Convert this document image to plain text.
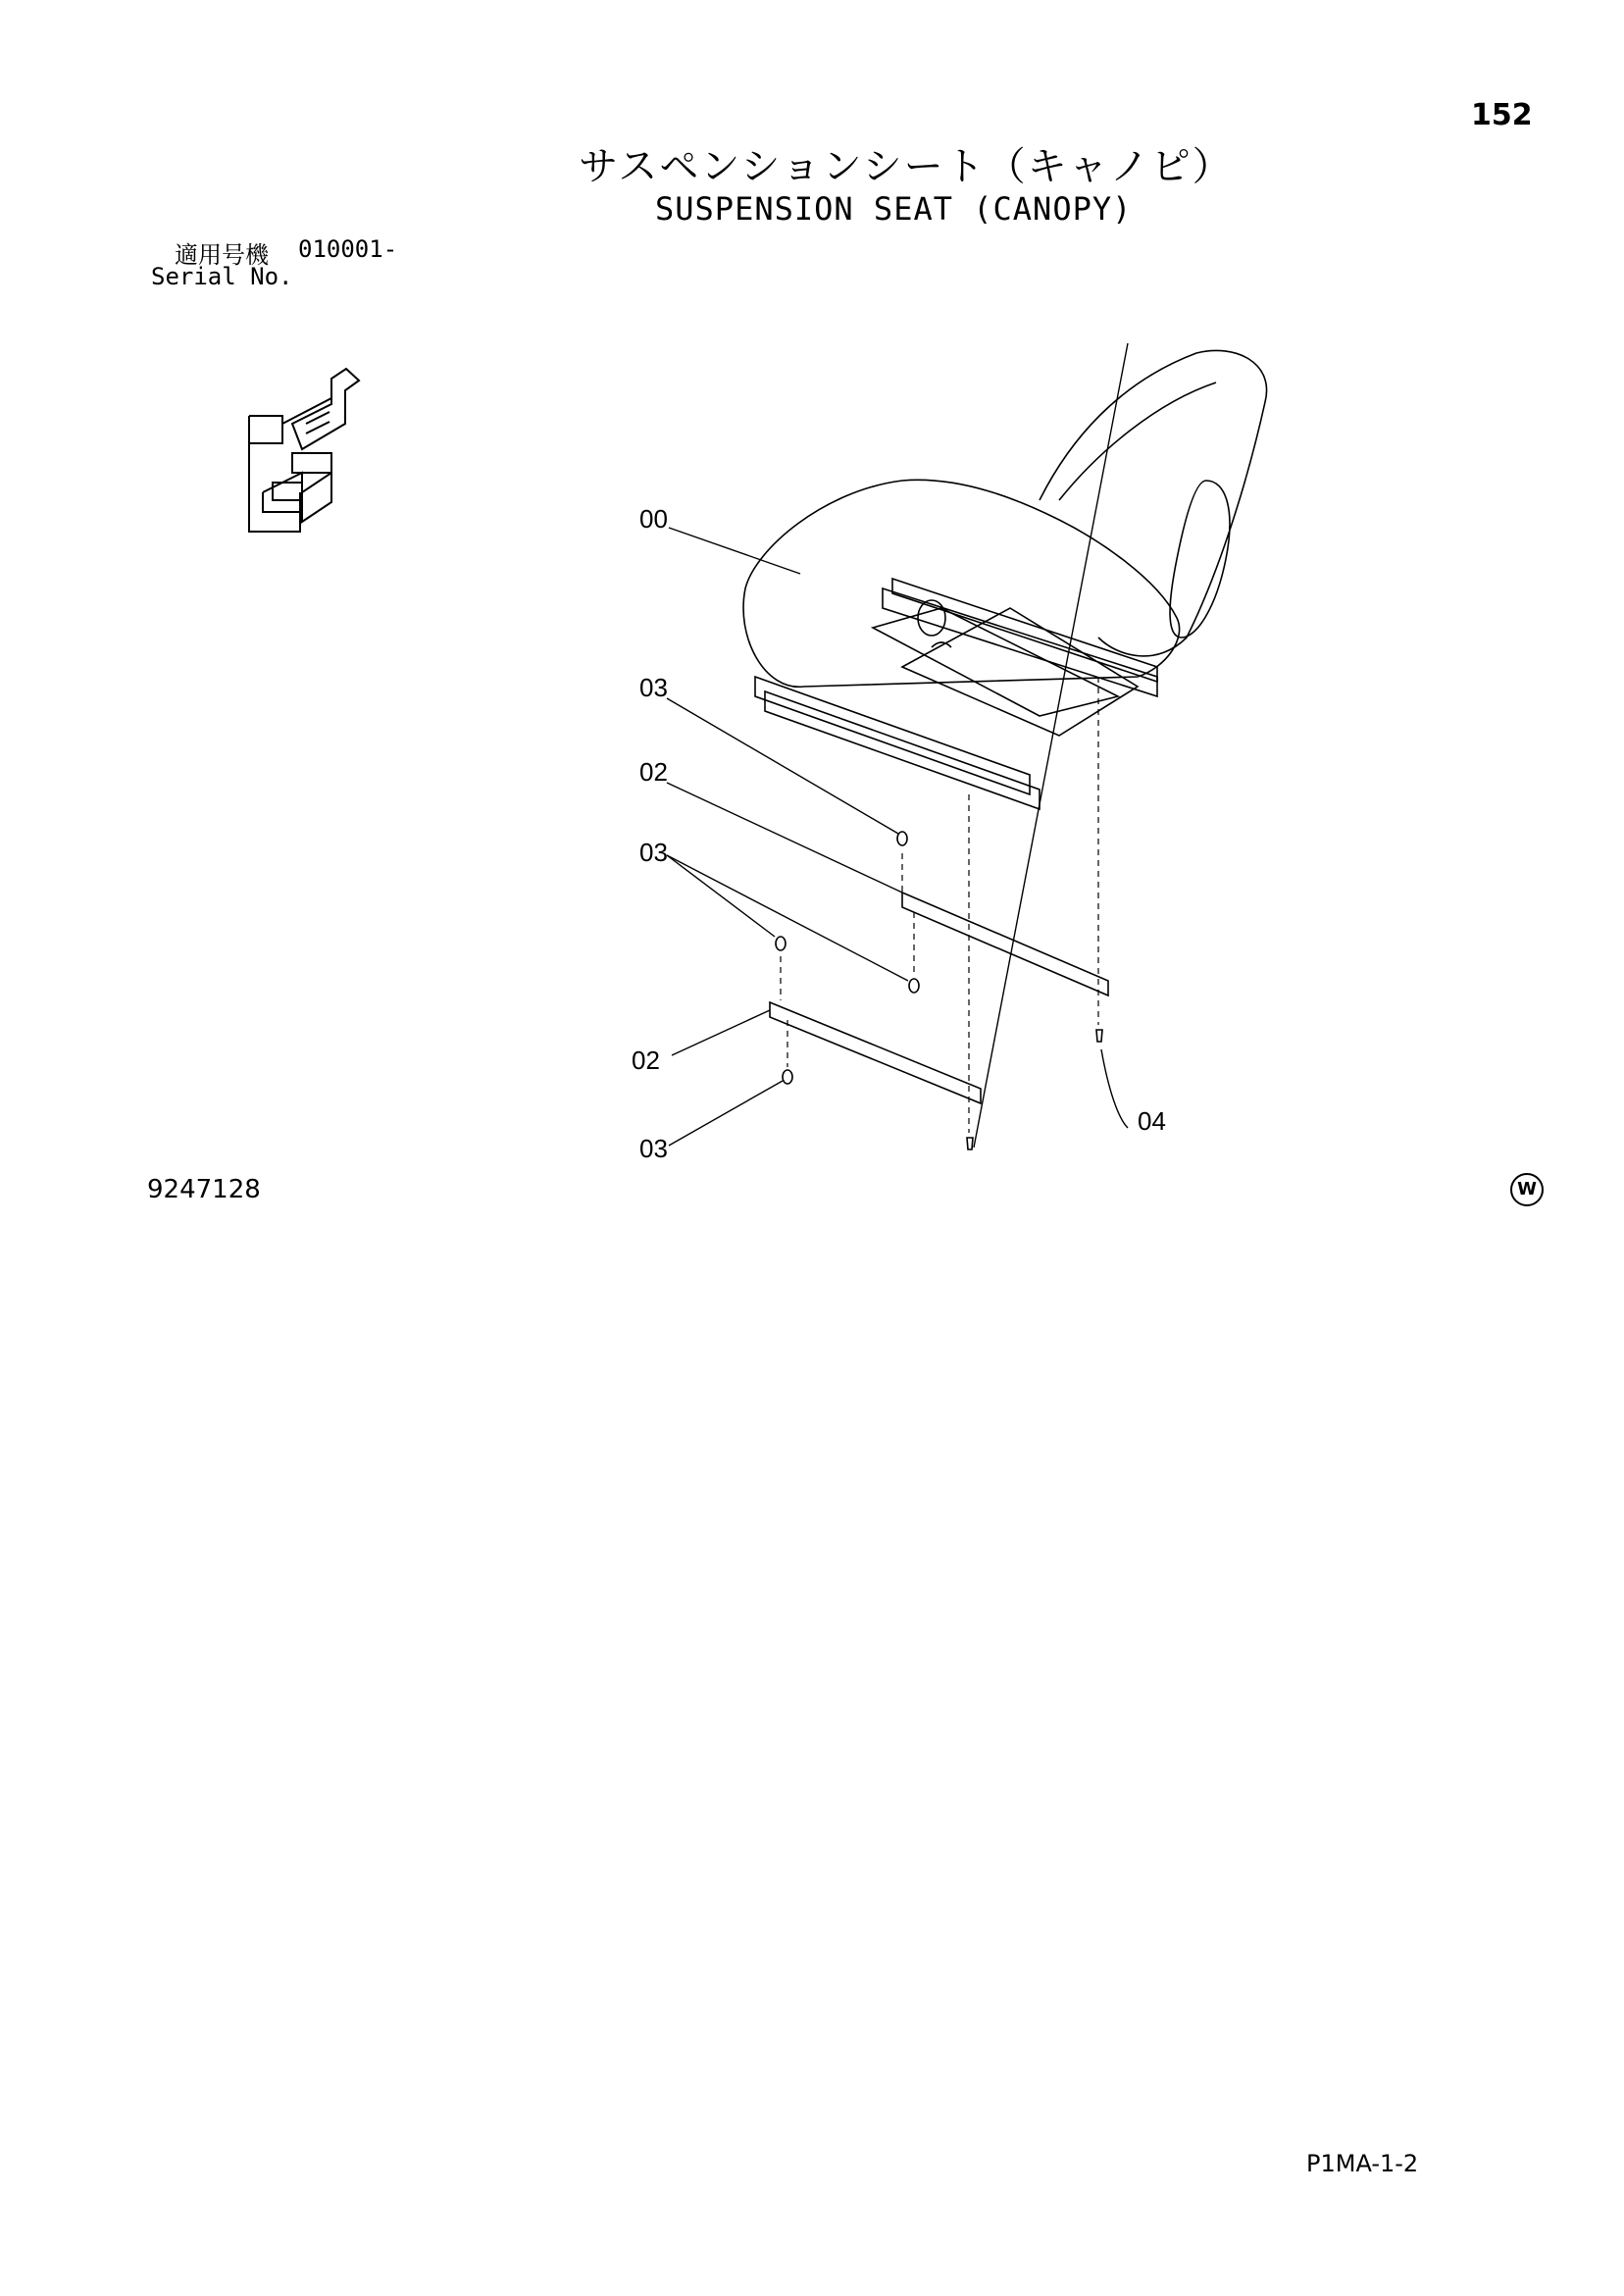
152
サスペンションシート（キャノピ）
SUSPENSION SEAT (CANOPY)
適用号機 010001-
Serial No.
00
03
02
03
02
03
04
9247128	W
P1MA-1-2
